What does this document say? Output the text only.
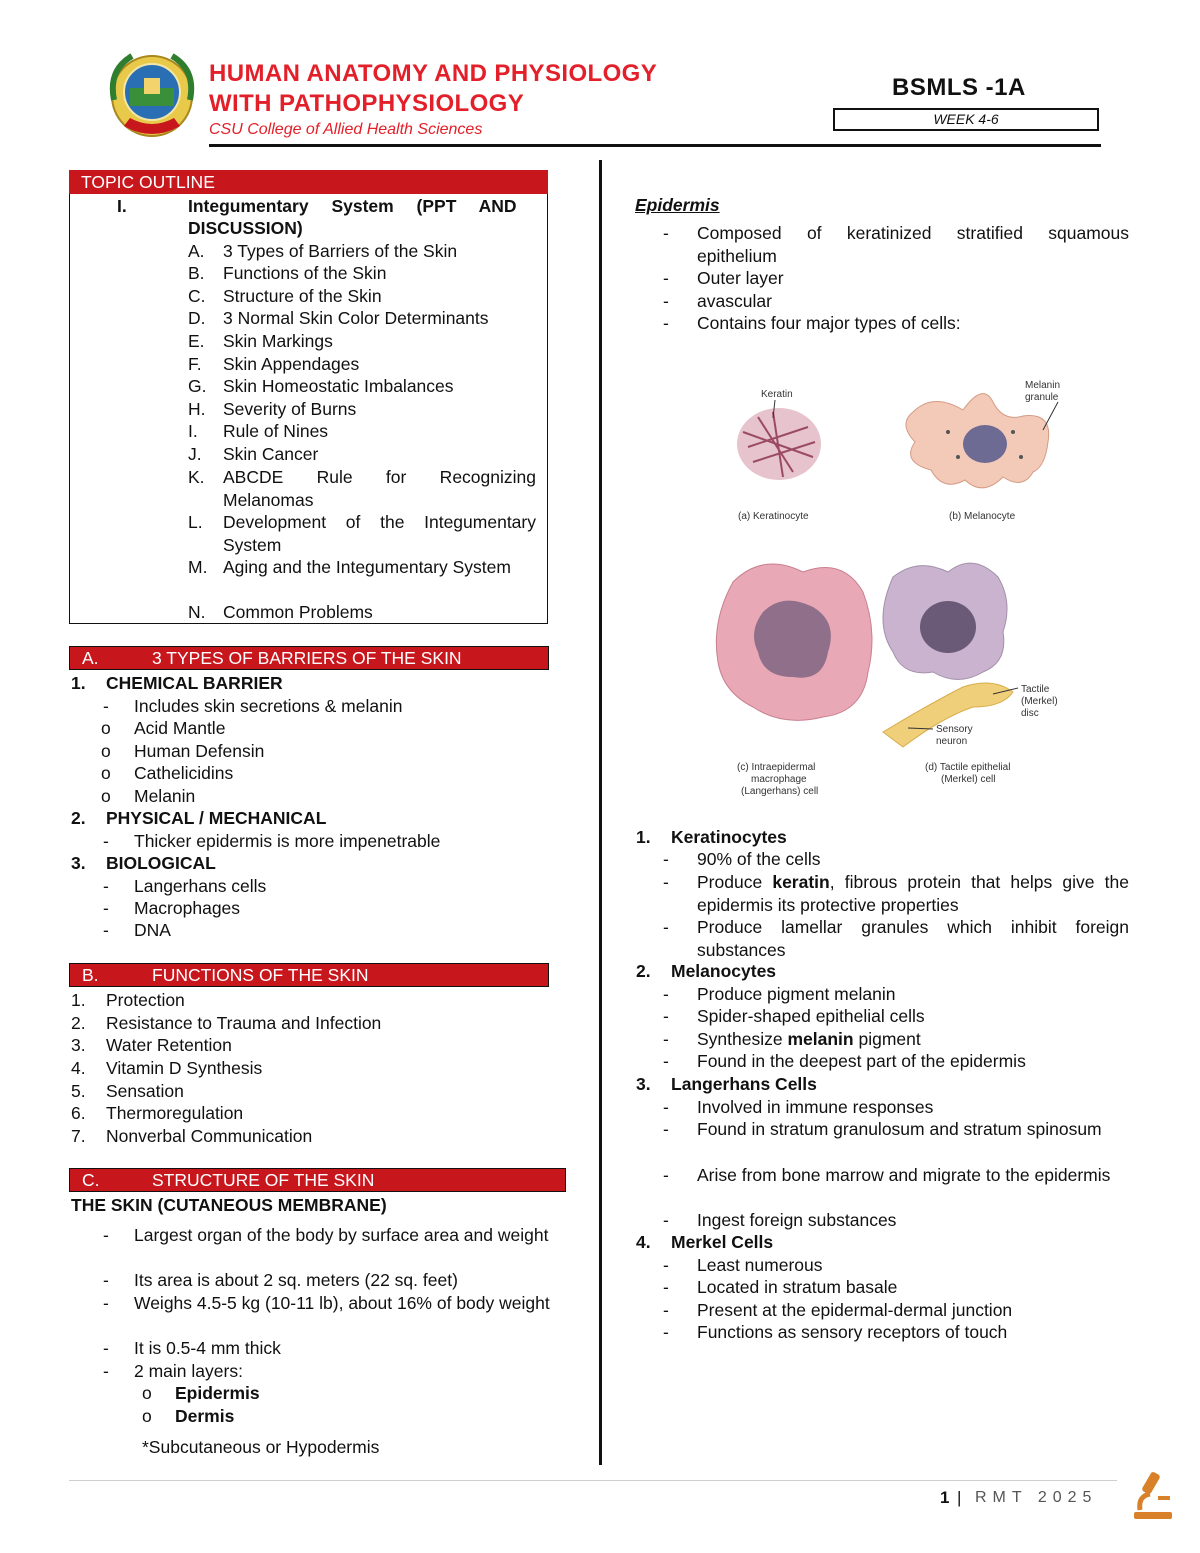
HUMAN ANATOMY AND PHYSIOLOGY
WITH PATHOPHYSIOLOGY
CSU College of Allied Health Sciences
BSMLS -1A
WEEK 4-6
TOPIC OUTLINE
I.	Integumentary System (PPT AND
DISCUSSION)
A. 3 Types of Barriers of the Skin
B. Functions of the Skin
C. Structure of the Skin
D. 3 Normal Skin Color Determinants
E. Skin Markings
F. Skin Appendages
G. Skin Homeostatic Imbalances
H. Severity of Burns
I. Rule of Nines
J. Skin Cancer
K. ABCDE Rule for Recognizing Melanomas
L. Development of the Integumentary System
M. Aging and the Integumentary System
N. Common Problems
A.	3 TYPES OF BARRIERS OF THE SKIN
1. CHEMICAL BARRIER
- Includes skin secretions & melanin
o Acid Mantle
o Human Defensin
o Cathelicidins
o Melanin
2. PHYSICAL / MECHANICAL
- Thicker epidermis is more impenetrable
3. BIOLOGICAL
- Langerhans cells
- Macrophages
- DNA
B.	FUNCTIONS OF THE SKIN
1. Protection
2. Resistance to Trauma and Infection
3. Water Retention
4. Vitamin D Synthesis
5. Sensation
6. Thermoregulation
7. Nonverbal Communication
C.	STRUCTURE OF THE SKIN
THE SKIN (CUTANEOUS MEMBRANE)
- Largest organ of the body by surface area and weight
- Its area is about 2 sq. meters (22 sq. feet)
- Weighs 4.5-5 kg (10-11 lb), about 16% of body weight
- It is 0.5-4 mm thick
- 2 main layers:
o Epidermis
o Dermis
*Subcutaneous or Hypodermis
Epidermis
- Composed of keratinized stratified squamous epithelium
- Outer layer
- avascular
- Contains four major types of cells:
Keratin
(a) Keratinocyte
Melanin
granule
(b) Melanocyte
(c) Intraepidermal
macrophage
(Langerhans) cell
Tactile
(Merkel)
disc
Sensory
neuron
(d) Tactile epithelial
(Merkel) cell
1. Keratinocytes
- 90% of the cells
- Produce keratin, fibrous protein that helps give the epidermis its protective properties
- Produce lamellar granules which inhibit foreign substances
2. Melanocytes
- Produce pigment melanin
- Spider-shaped epithelial cells
- Synthesize melanin pigment
- Found in the deepest part of the epidermis
3. Langerhans Cells
- Involved in immune responses
- Found in stratum granulosum and stratum spinosum
- Arise from bone marrow and migrate to the epidermis
- Ingest foreign substances
4. Merkel Cells
- Least numerous
- Located in stratum basale
- Present at the epidermal-dermal junction
- Functions as sensory receptors of touch
1 | RMT 2025
